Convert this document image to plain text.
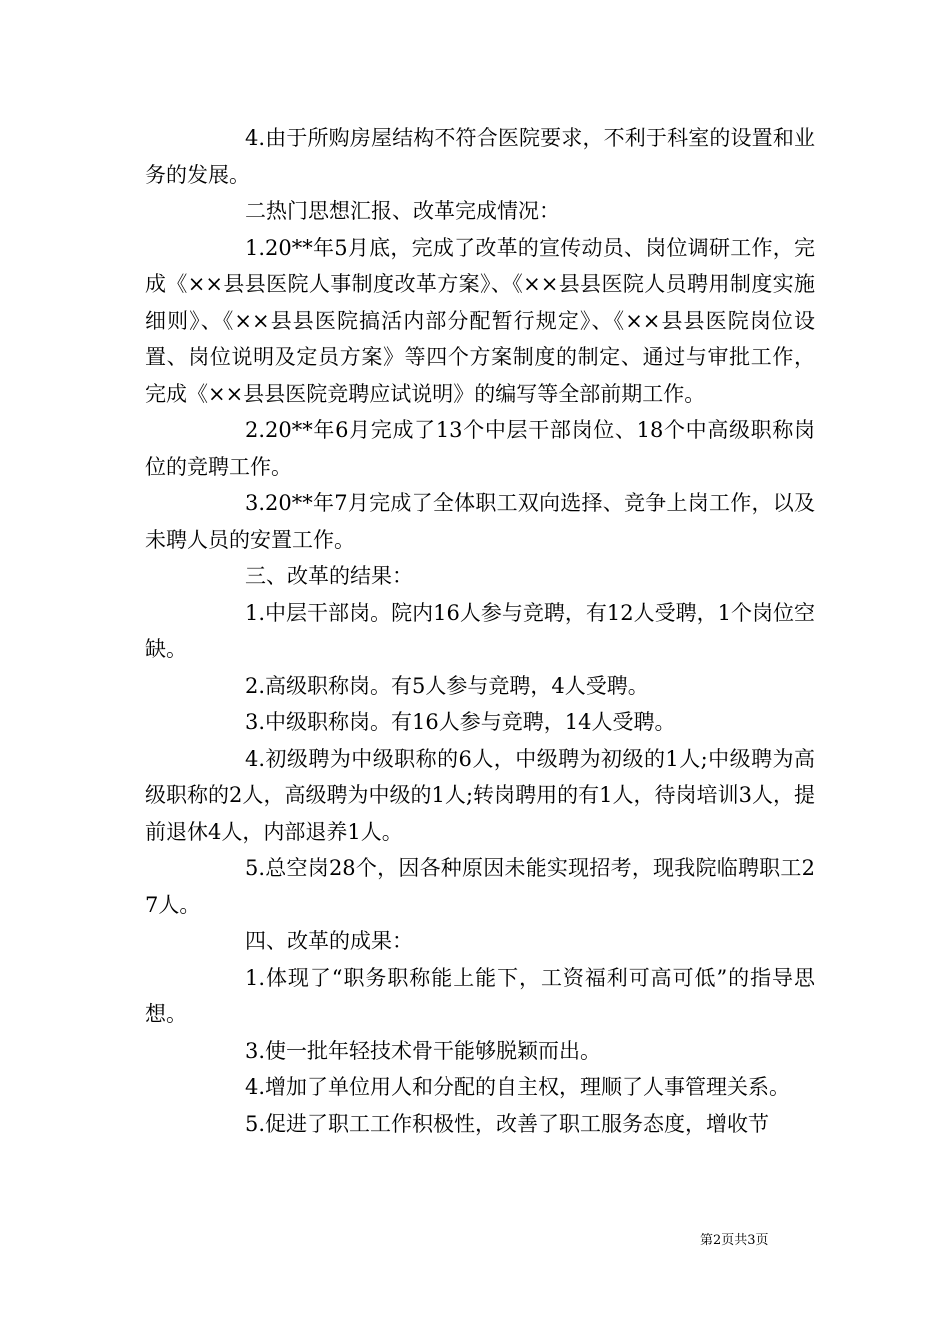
4.由于所购房屋结构不符合医院要求，不利于科室的设置和业务的发展。

二热门思想汇报、改革完成情况：

1.20**年5月底，完成了改革的宣传动员、岗位调研工作，完成《××县县医院人事制度改革方案》、《××县县医院人员聘用制度实施细则》、《××县县医院搞活内部分配暂行规定》、《××县县医院岗位设置、岗位说明及定员方案》等四个方案制度的制定、通过与审批工作，完成《××县县医院竞聘应试说明》的编写等全部前期工作。

2.20**年6月完成了13个中层干部岗位、18个中高级职称岗位的竞聘工作。

3.20**年7月完成了全体职工双向选择、竞争上岗工作，以及未聘人员的安置工作。

三、改革的结果：

1.中层干部岗。院内16人参与竞聘，有12人受聘，1个岗位空缺。

2.高级职称岗。有5人参与竞聘，4人受聘。

3.中级职称岗。有16人参与竞聘，14人受聘。

4.初级聘为中级职称的6人，中级聘为初级的1人;中级聘为高级职称的2人，高级聘为中级的1人;转岗聘用的有1人，待岗培训3人，提前退休4人，内部退养1人。

5.总空岗28个，因各种原因未能实现招考，现我院临聘职工27人。

四、改革的成果：

1.体现了“职务职称能上能下，工资福利可高可低”的指导思想。

3.使一批年轻技术骨干能够脱颖而出。

4.增加了单位用人和分配的自主权，理顺了人事管理关系。

5.促进了职工工作积极性，改善了职工服务态度，增收节

第2页共3页
